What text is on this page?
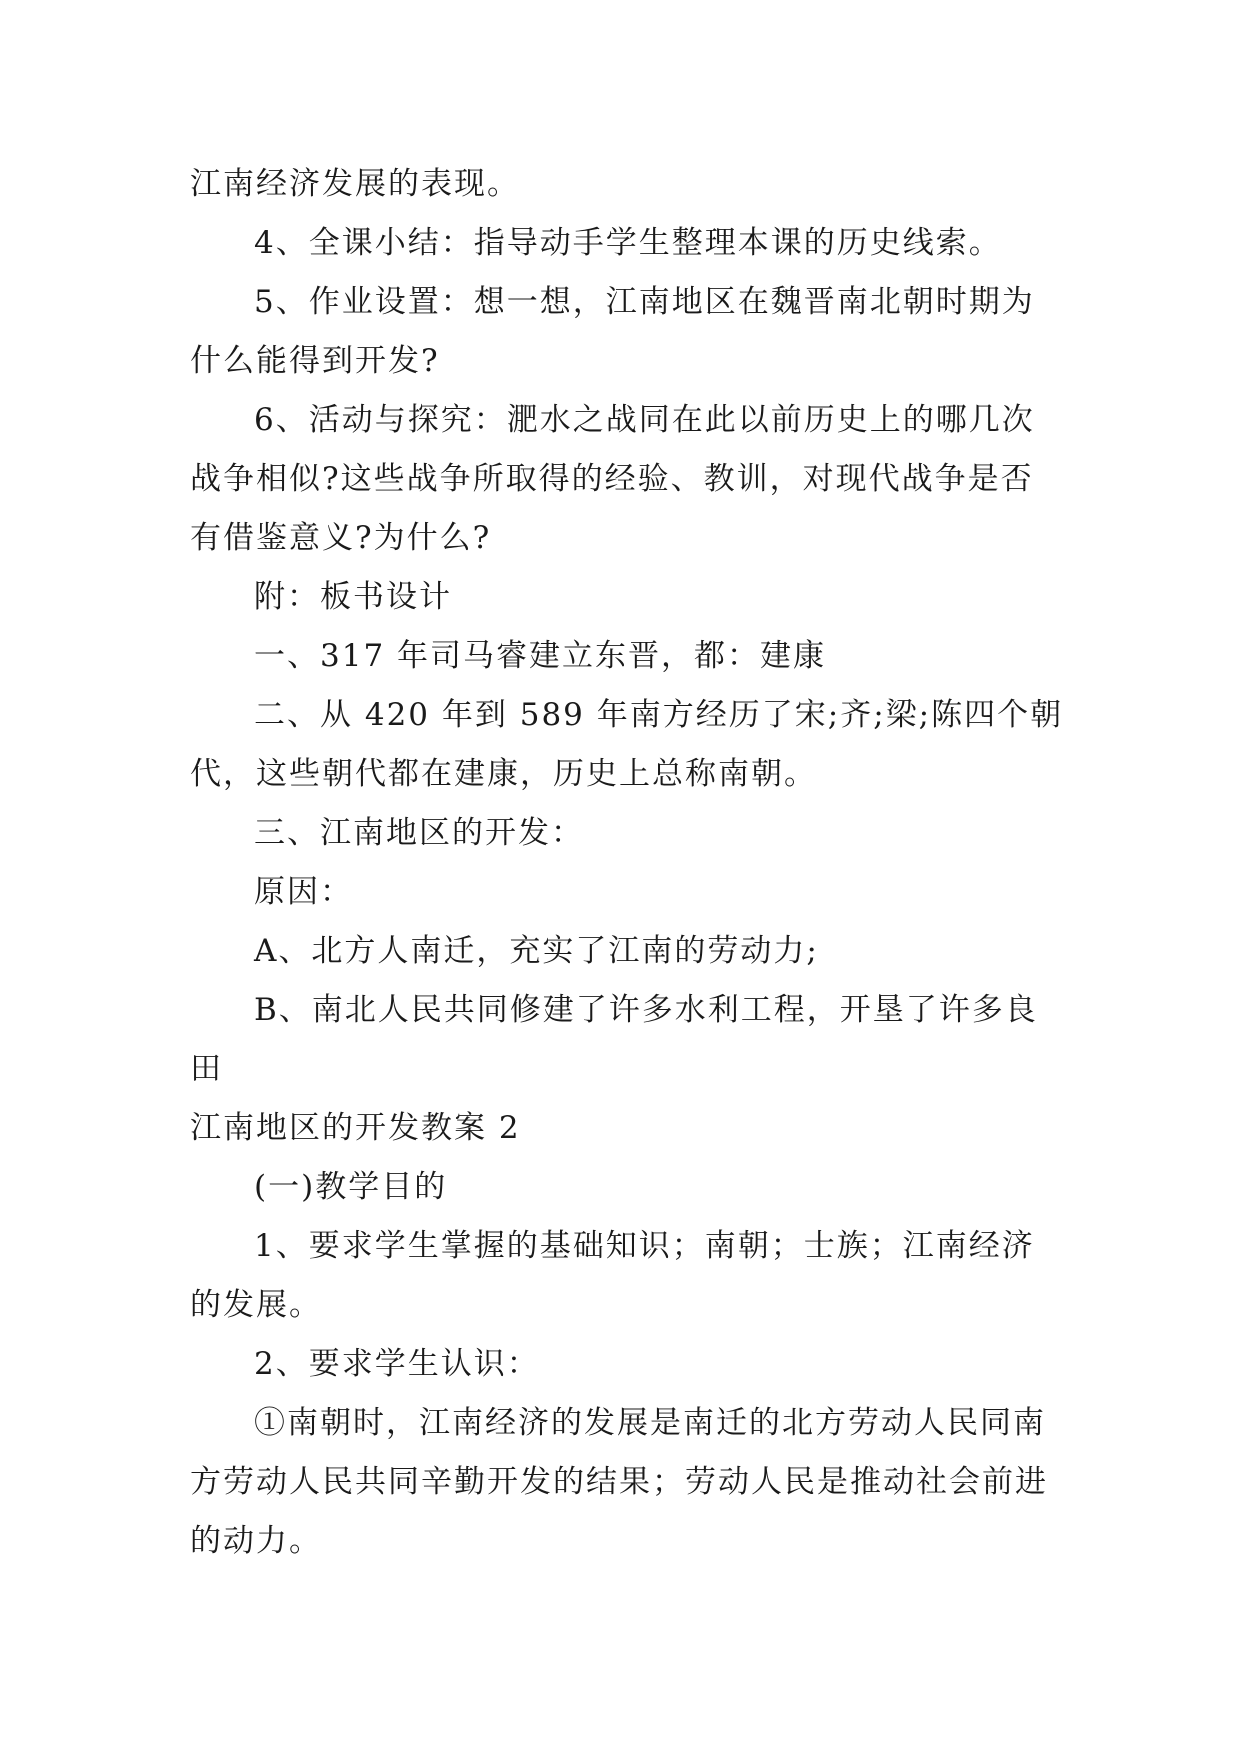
江南经济发展的表现。
4、全课小结：指导动手学生整理本课的历史线索。
5、作业设置：想一想，江南地区在魏晋南北朝时期为
什么能得到开发?
6、活动与探究：淝水之战同在此以前历史上的哪几次
战争相似?这些战争所取得的经验、教训，对现代战争是否
有借鉴意义?为什么?
附：板书设计
一、317 年司马睿建立东晋，都：建康
二、从 420 年到 589 年南方经历了宋;齐;梁;陈四个朝
代，这些朝代都在建康，历史上总称南朝。
三、江南地区的开发：
原因：
A、北方人南迁，充实了江南的劳动力;
B、南北人民共同修建了许多水利工程，开垦了许多良
田
江南地区的开发教案 2
(一)教学目的
1、要求学生掌握的基础知识；南朝；士族；江南经济
的发展。
2、要求学生认识：
①南朝时，江南经济的发展是南迁的北方劳动人民同南
方劳动人民共同辛勤开发的结果；劳动人民是推动社会前进
的动力。
